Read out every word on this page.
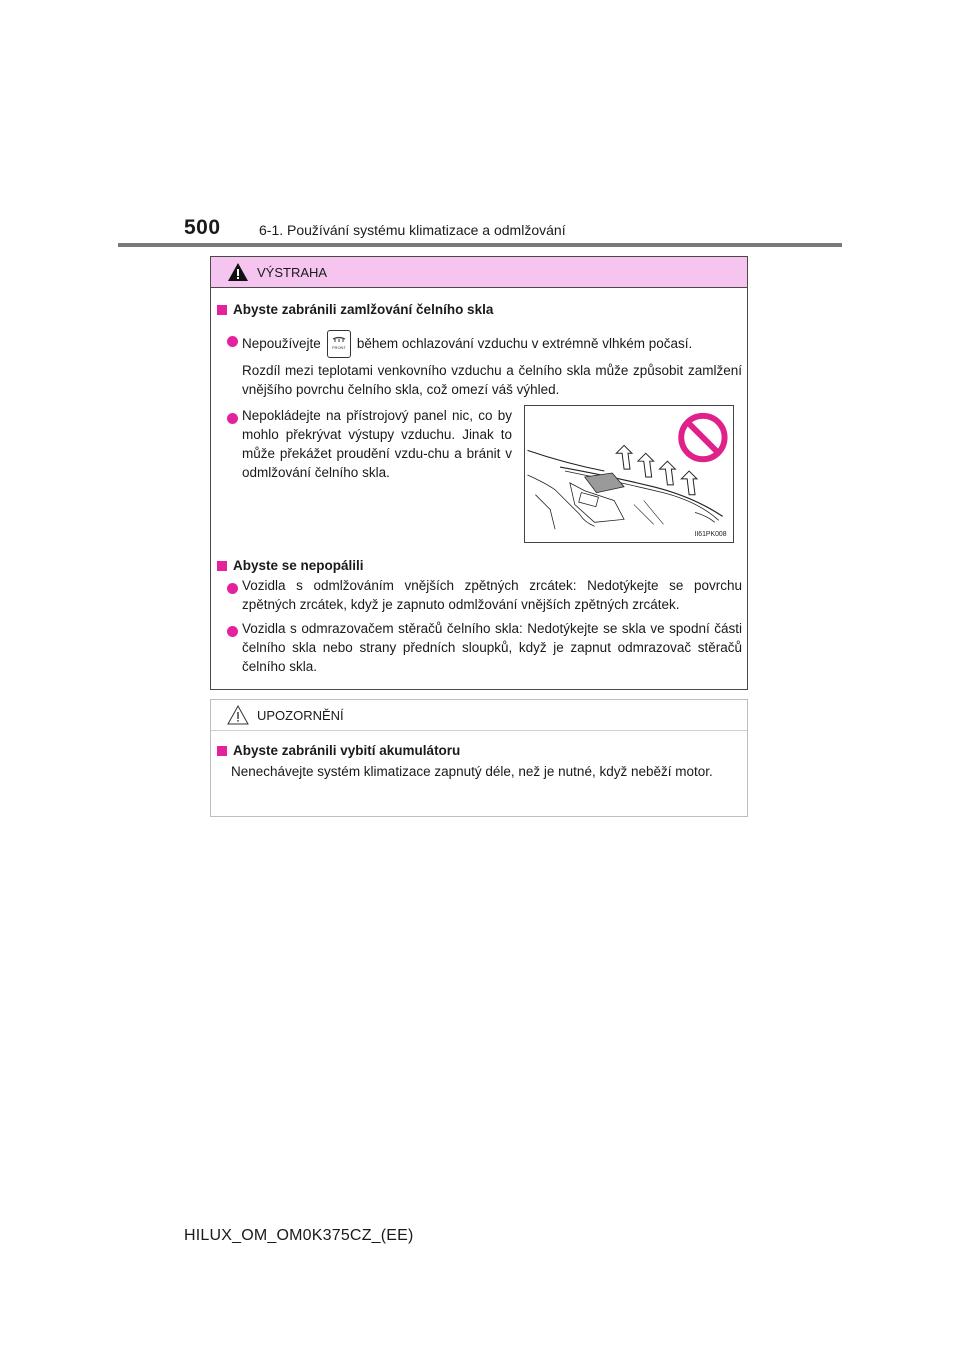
500	6-1. Používání systému klimatizace a odmlžování
VÝSTRAHA
Abyste zabránili zamlžování čelního skla
Nepoužívejte	FRONT během ochlazování vzduchu v extrémně vlhkém počasí.
Rozdíl mezi teplotami venkovního vzduchu a čelního skla může způsobit zamlžení vnějšího povrchu čelního skla, což omezí váš výhled.
Nepokládejte na přístrojový panel nic, co by mohlo překrývat výstupy vzduchu. Jinak to může překážet proudění vzdu-chu a bránit v odmlžování čelního skla.
II61PK008
Abyste se nepopálili
Vozidla s odmlžováním vnějších zpětných zrcátek: Nedotýkejte se povrchu zpětných zrcátek, když je zapnuto odmlžování vnějších zpětných zrcátek.
Vozidla s odmrazovačem stěračů čelního skla: Nedotýkejte se skla ve spodní části čelního skla nebo strany předních sloupků, když je zapnut odmrazovač stěračů čelního skla.
UPOZORNĚNÍ
Abyste zabránili vybití akumulátoru
Nenechávejte systém klimatizace zapnutý déle, než je nutné, když neběží motor.
HILUX_OM_OM0K375CZ_(EE)
